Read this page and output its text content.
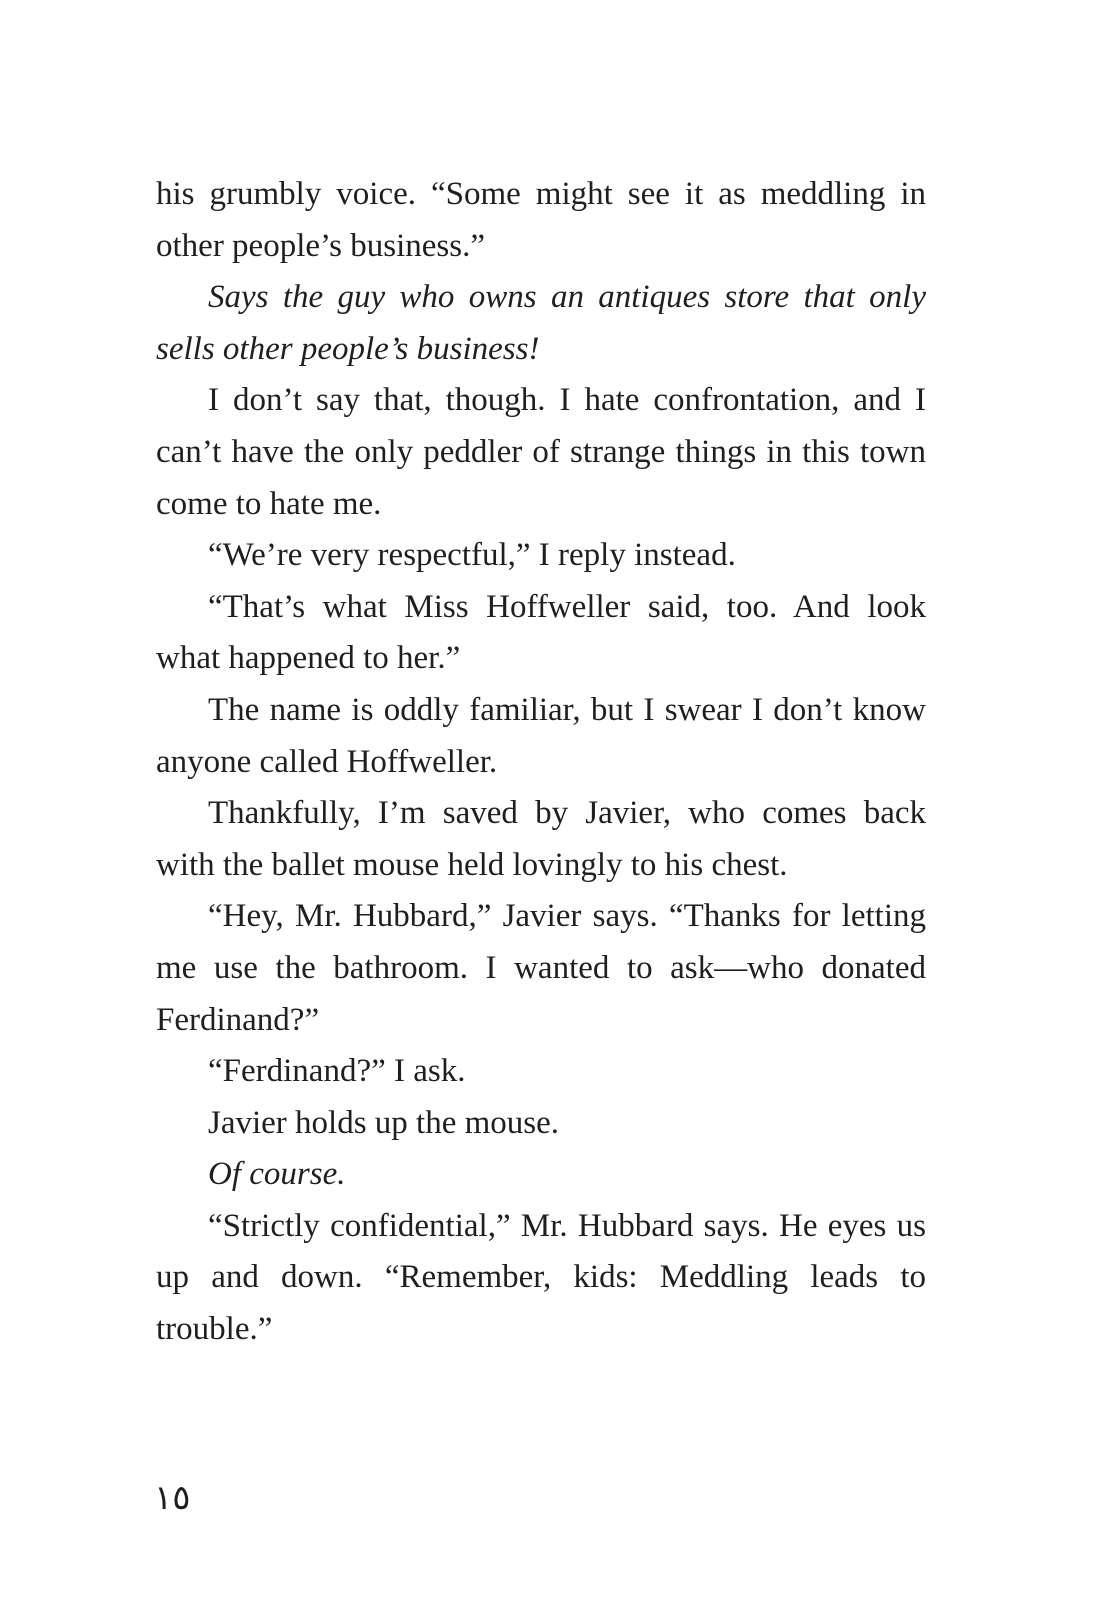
his grumbly voice. “Some might see it as meddling in other people’s business.”

Says the guy who owns an antiques store that only sells other people’s business!

I don’t say that, though. I hate confrontation, and I can’t have the only peddler of strange things in this town come to hate me.

“We’re very respectful,” I reply instead.

“That’s what Miss Hoffweller said, too. And look what happened to her.”

The name is oddly familiar, but I swear I don’t know anyone called Hoffweller.

Thankfully, I’m saved by Javier, who comes back with the ballet mouse held lovingly to his chest.

“Hey, Mr. Hubbard,” Javier says. “Thanks for letting me use the bathroom. I wanted to ask—who donated Ferdinand?”

“Ferdinand?” I ask.

Javier holds up the mouse.

Of course.

“Strictly confidential,” Mr. Hubbard says. He eyes us up and down. “Remember, kids: Meddling leads to trouble.”

١٥
